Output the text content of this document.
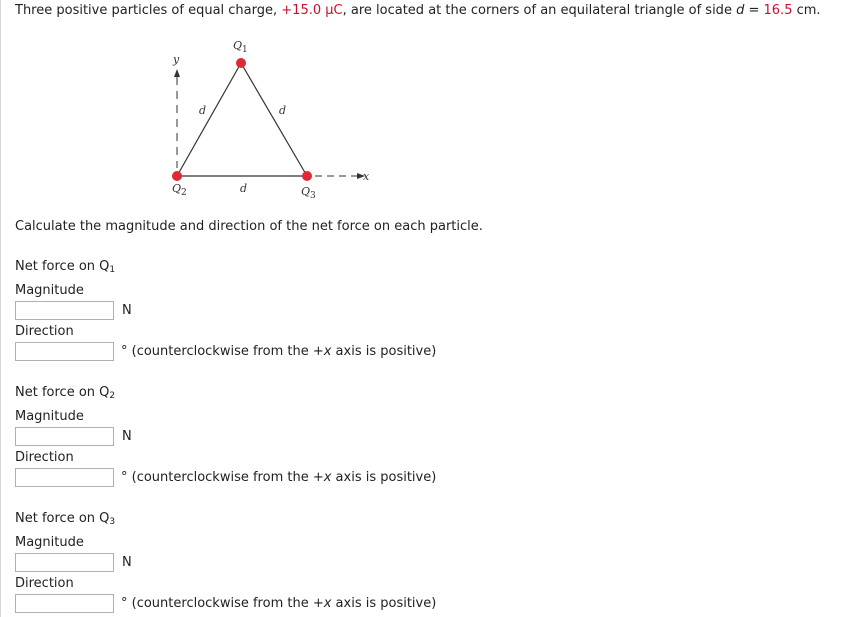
Three positive particles of equal charge, +15.0 µC, are located at the corners of an equilateral triangle of side d = 16.5 cm.
y
x
d	d
d
$Q_1$
$Q_2$	$Q_3$
Calculate the magnitude and direction of the net force on each particle.
Net force on $Q_1$
Magnitude
N
Direction
° (counterclockwise from the +x axis is positive)
Net force on $Q_2$
Magnitude
N
Direction
° (counterclockwise from the +x axis is positive)
Net force on $Q_3$
Magnitude
N
Direction
° (counterclockwise from the +x axis is positive)
